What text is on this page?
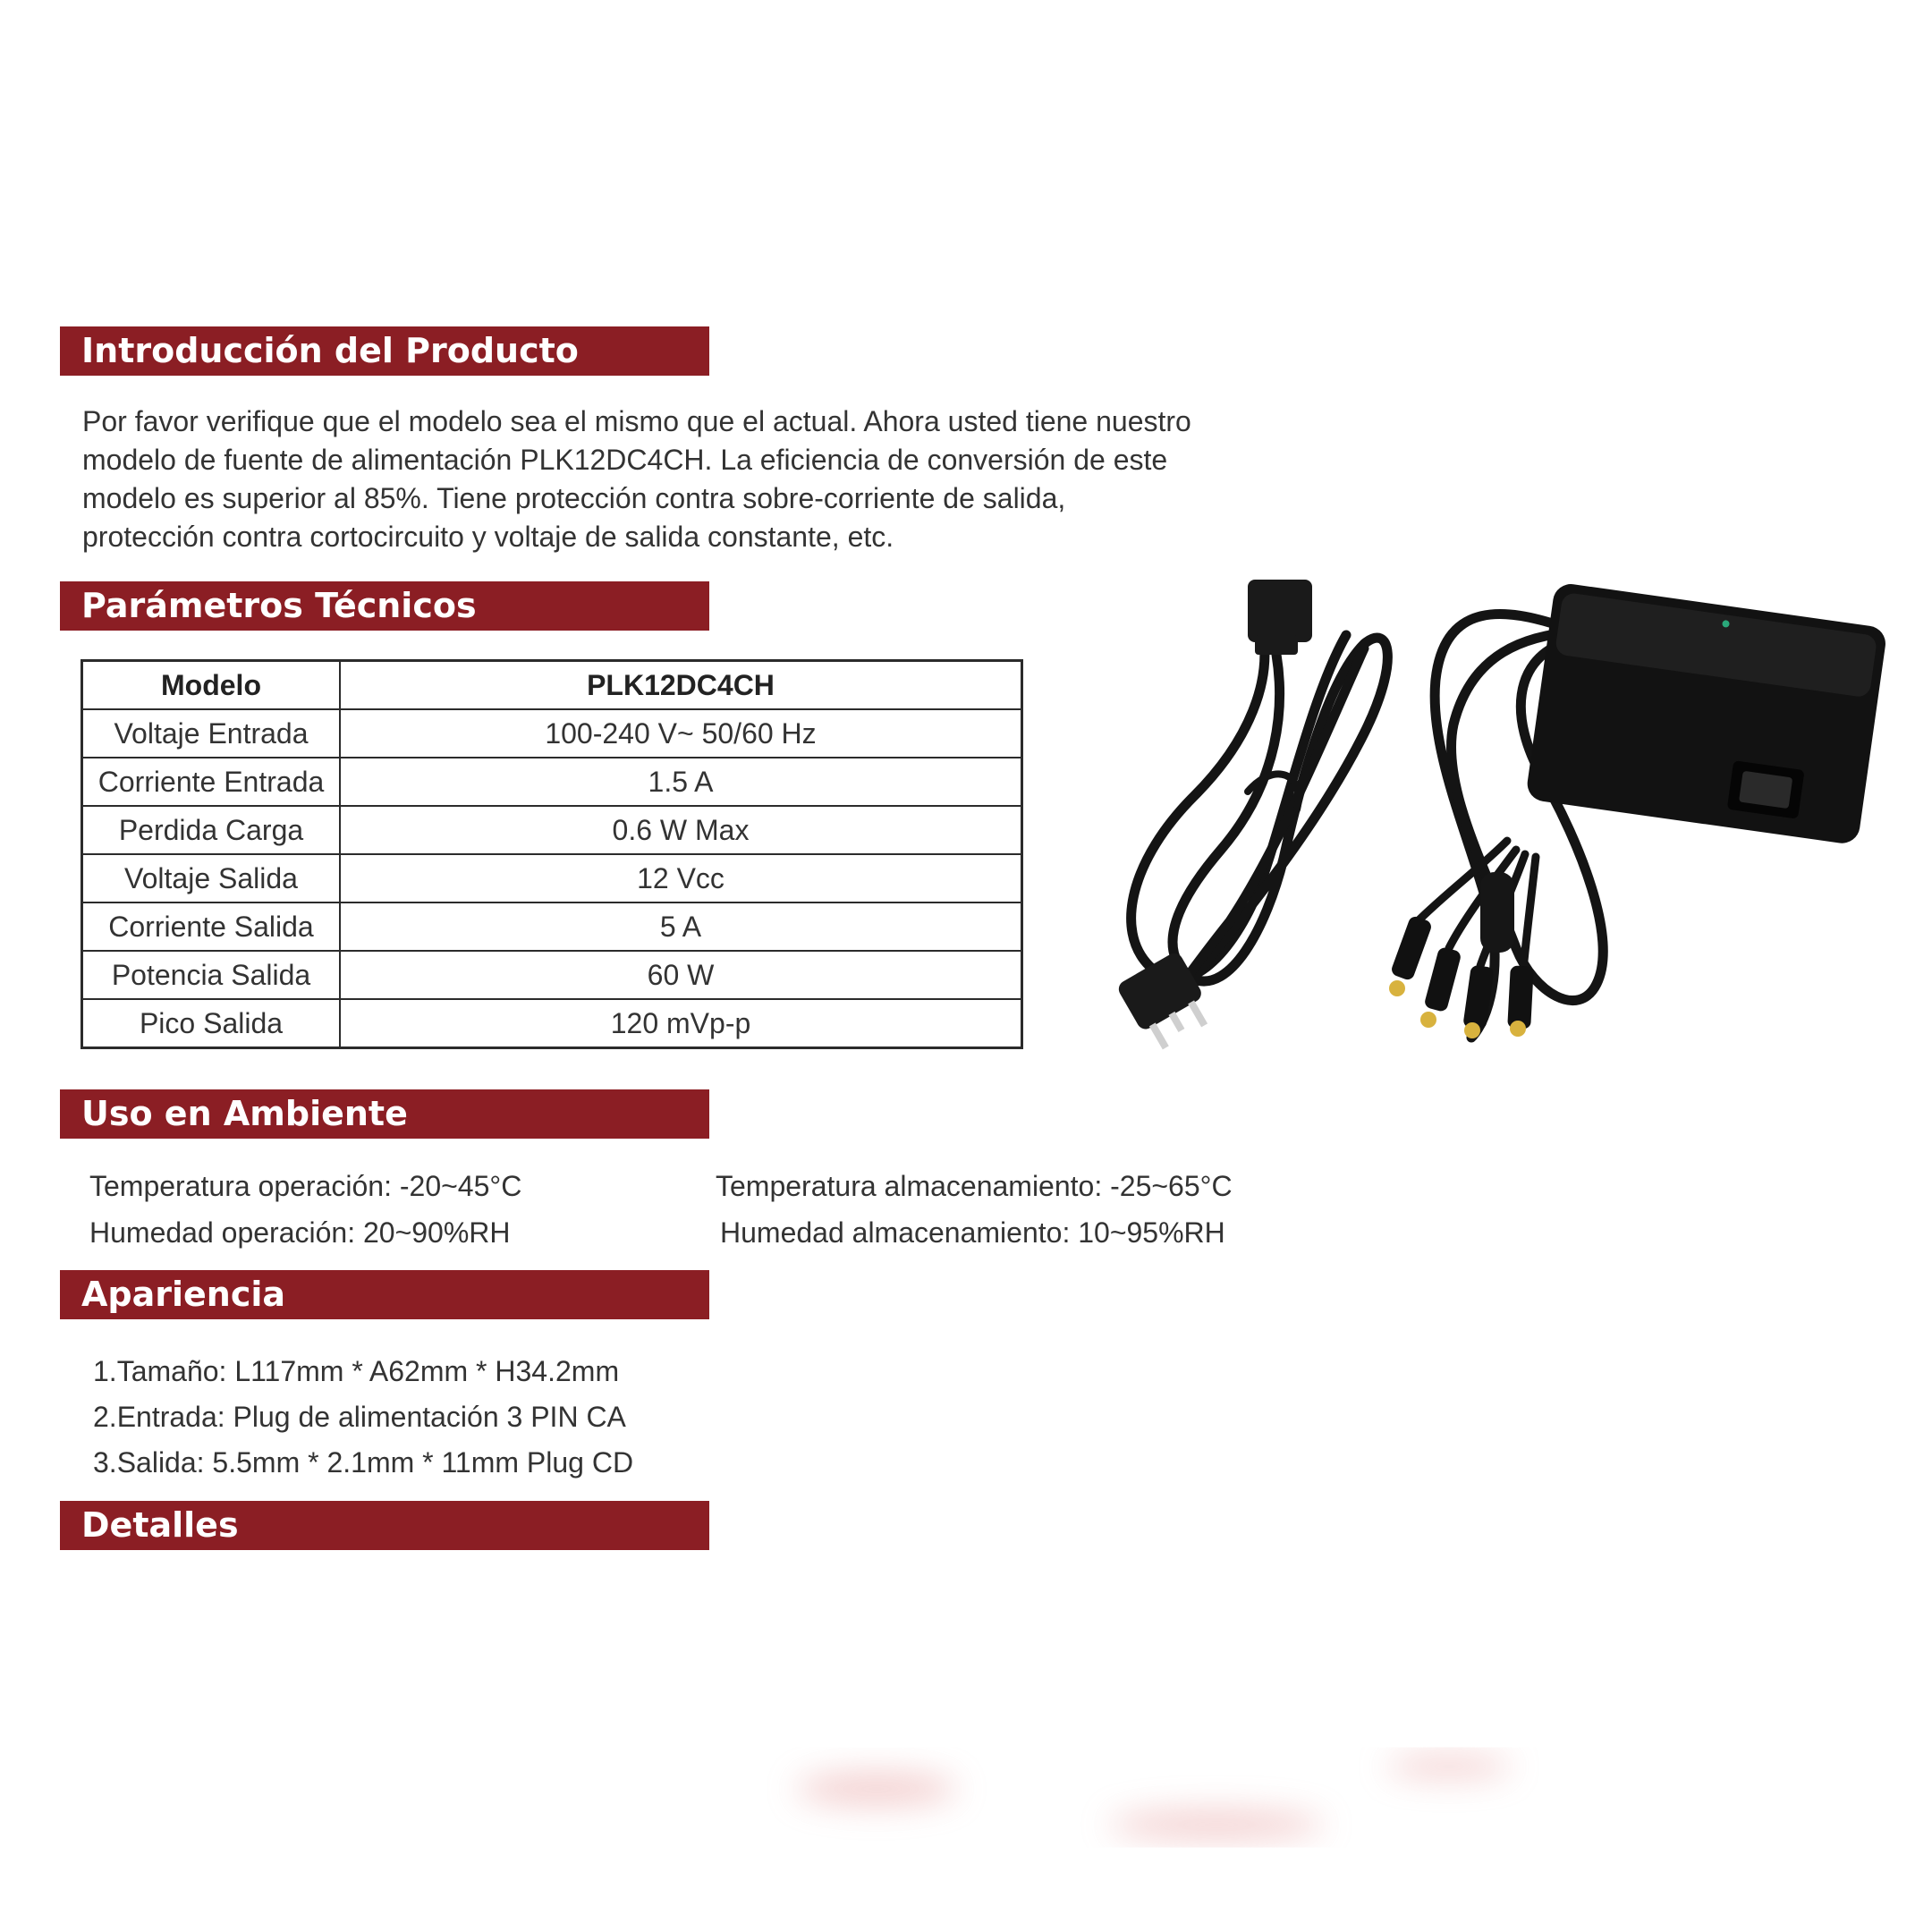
Introducción del Producto
Por favor verifique que el modelo sea el mismo que el actual. Ahora usted tiene nuestro
modelo de fuente de alimentación PLK12DC4CH. La eficiencia de conversión de este
modelo es superior al 85%. Tiene protección contra sobre-corriente de salida,
protección contra cortocircuito y voltaje de salida constante, etc.
Parámetros Técnicos
Modelo	PLK12DC4CH
Voltaje Entrada	100-240 V~ 50/60 Hz
Corriente Entrada	1.5 A
Perdida Carga	0.6 W Max
Voltaje Salida	12 Vcc
Corriente Salida	5 A
Potencia Salida	60 W
Pico Salida	120 mVp-p
Uso en Ambiente
Temperatura operación: -20~45°C
Humedad operación: 20~90%RH
Temperatura almacenamiento: -25~65°C
Humedad almacenamiento: 10~95%RH
Apariencia
1.Tamaño: L117mm * A62mm * H34.2mm
2.Entrada: Plug de alimentación 3 PIN CA
3.Salida: 5.5mm * 2.1mm * 11mm Plug CD
Detalles
